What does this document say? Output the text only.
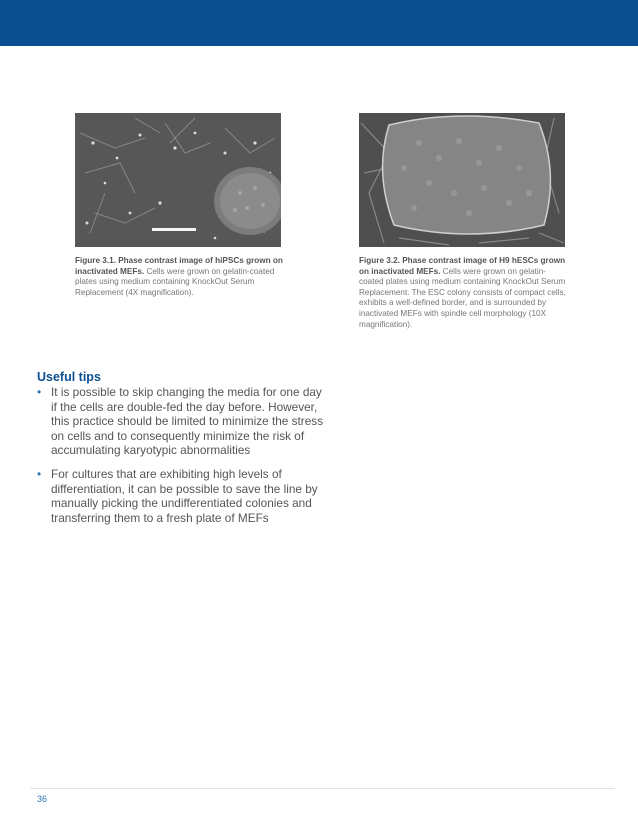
Figure 3.1. Phase contrast image of hiPSCs grown on inactivated MEFs. Cells were grown on gelatin-coated plates using medium containing KnockOut Serum Replacement (4X magnification).
Figure 3.2. Phase contrast image of H9 hESCs grown on inactivated MEFs. Cells were grown on gelatin-coated plates using medium containing KnockOut Serum Replacement. The ESC colony consists of compact cells, exhibits a well-defined border, and is surrounded by inactivated MEFs with spindle cell morphology (10X magnification).
Useful tips
• It is possible to skip changing the media for one day if the cells are double-fed the day before. However, this practice should be limited to minimize the stress on cells and to consequently minimize the risk of accumulating karyotypic abnormalities
• For cultures that are exhibiting high levels of differentiation, it can be possible to save the line by manually picking the undifferentiated colonies and transferring them to a fresh plate of MEFs
36
